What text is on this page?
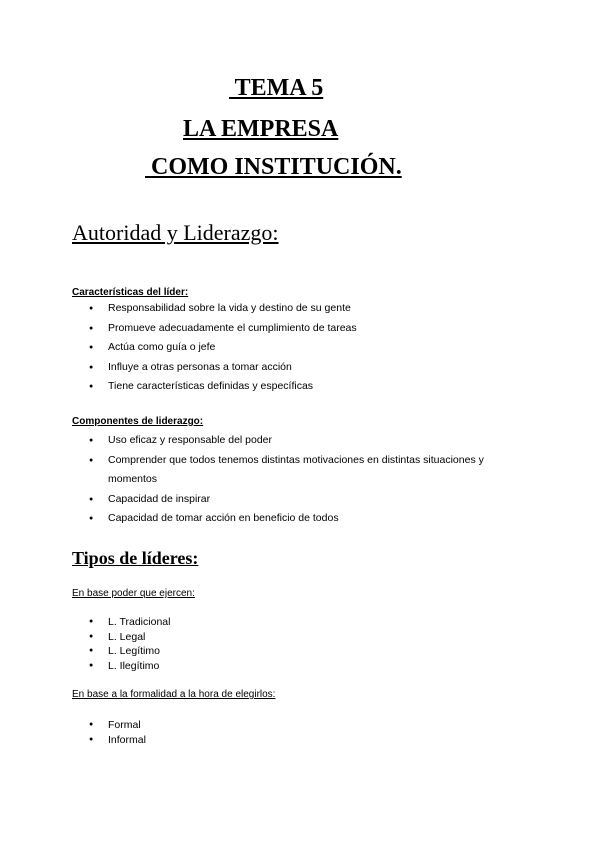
TEMA 5
LA EMPRESA
COMO INSTITUCIÓN.
Autoridad y Liderazgo:
Características del líder:
● Responsabilidad sobre la vida y destino de su gente
● Promueve adecuadamente el cumplimiento de tareas
● Actúa como guía o jefe
● Influye a otras personas a tomar acción
● Tiene características definidas y específicas
Componentes de liderazgo:
● Uso eficaz y responsable del poder
● Comprender que todos tenemos distintas motivaciones en distintas situaciones y momentos
● Capacidad de inspirar
● Capacidad de tomar acción en beneficio de todos
Tipos de líderes:
En base poder que ejercen:
● L. Tradicional
● L. Legal
● L. Legítimo
● L. Ilegítimo
En base a la formalidad a la hora de elegirlos:
● Formal
● Informal
